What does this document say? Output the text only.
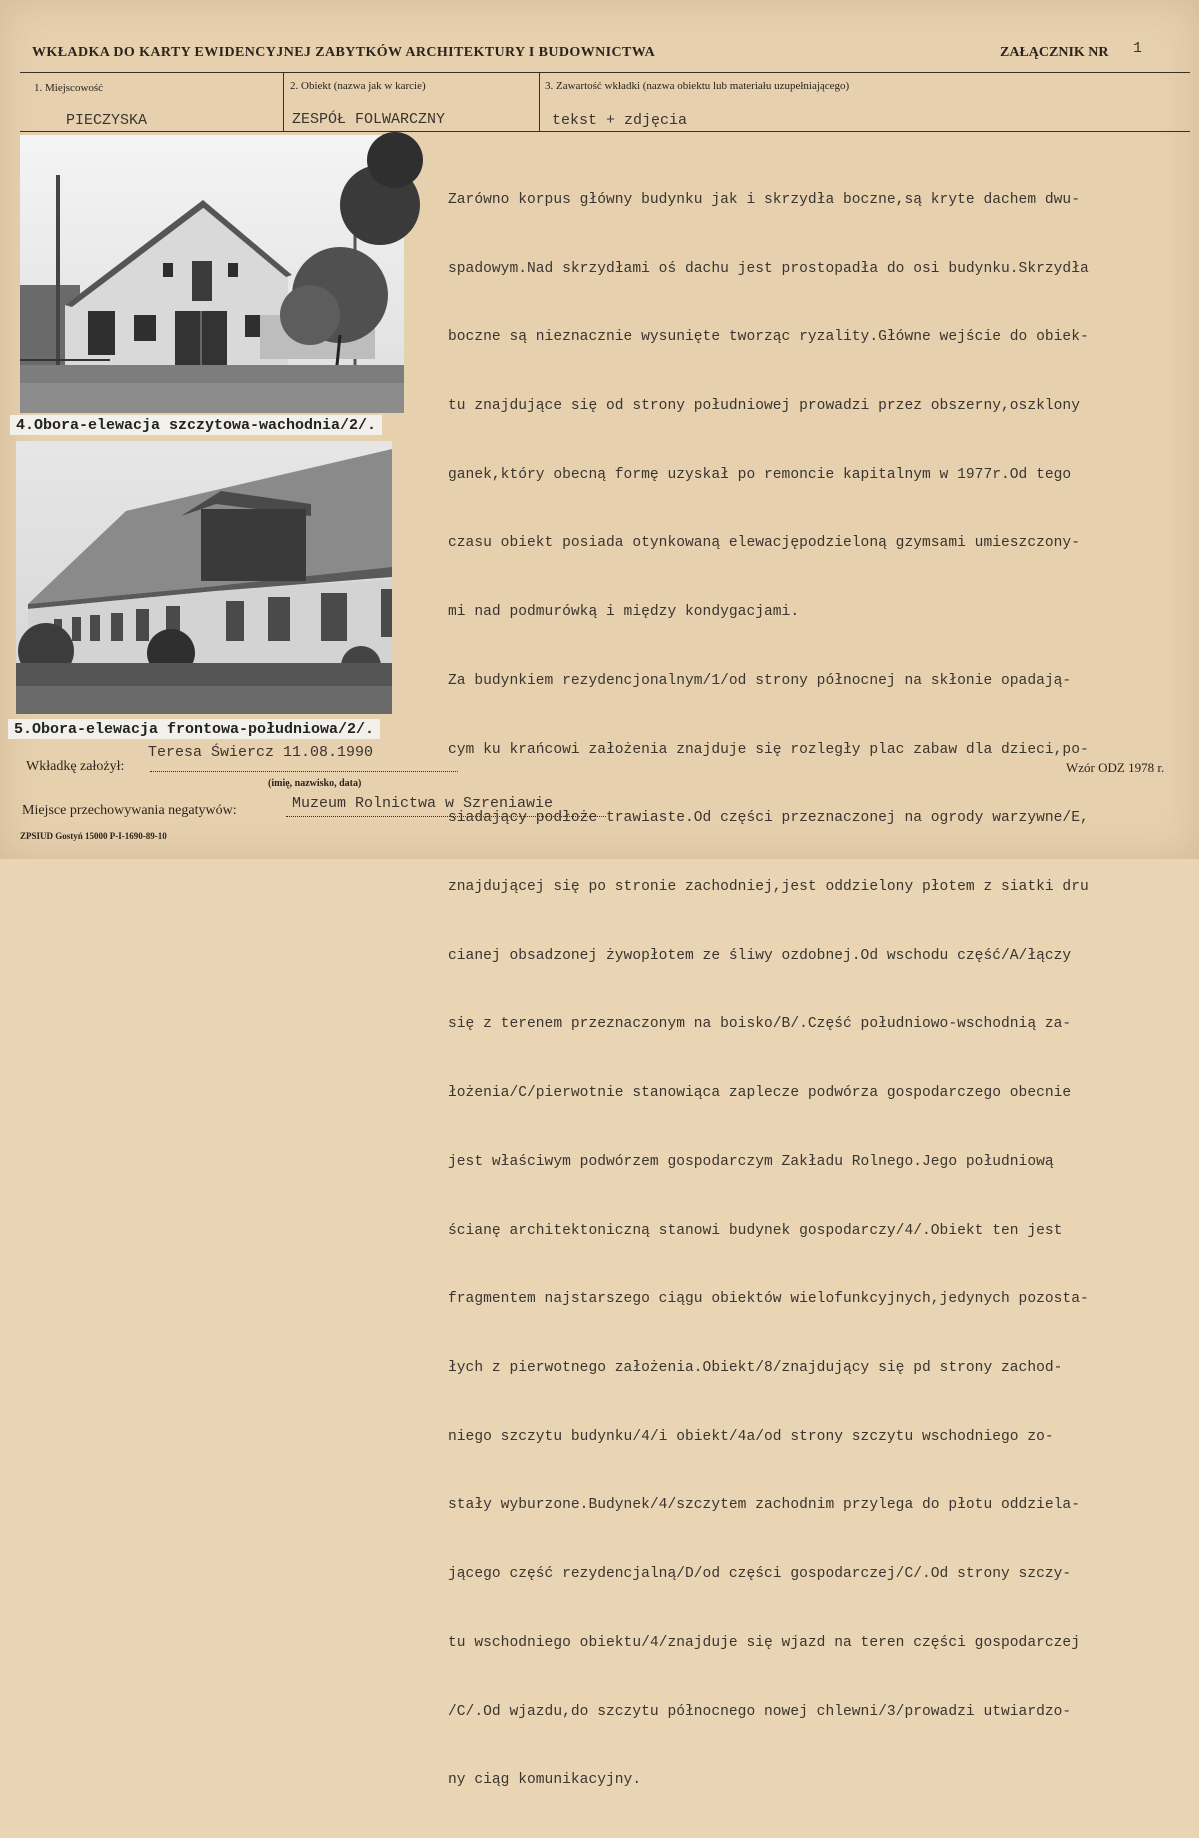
WKŁADKA DO KARTY EWIDENCYJNEJ ZABYTKÓW ARCHITEKTURY I BUDOWNICTWA	ZAŁĄCZNIK NR 1
1. Miejscowość
PIECZYSKA
2. Obiekt (nazwa jak w karcie)
ZESPÓŁ FOLWARCZNY
3. Zawartość wkładki (nazwa obiektu lub materiału uzupełniającego)
tekst + zdjęcia
4.Obora-elewacja szczytowa-wachodnia/2/.
5.Obora-elewacja frontowa-południowa/2/.

Zarówno korpus główny budynku jak i skrzydła boczne,są kryte dachem dwu-

spadowym.Nad skrzydłami oś dachu jest prostopadła do osi budynku.Skrzydła

boczne są nieznacznie wysunięte tworząc ryzality.Główne wejście do obiek-

tu znajdujące się od strony południowej prowadzi przez obszerny,oszklony

ganek,który obecną formę uzyskał po remoncie kapitalnym w 1977r.Od tego

czasu obiekt posiada otynkowaną elewacjępodzieloną gzymsami umieszczony-

mi nad podmurówką i między kondygacjami.

Za budynkiem rezydencjonalnym/1/od strony północnej na skłonie opadają-

cym ku krańcowi założenia znajduje się rozległy plac zabaw dla dzieci,po-

siadający podłoże trawiaste.Od części przeznaczonej na ogrody warzywne/E,

znajdującej się po stronie zachodniej,jest oddzielony płotem z siatki dru

cianej obsadzonej żywopłotem ze śliwy ozdobnej.Od wschodu część/A/łączy

się z terenem przeznaczonym na boisko/B/.Część południowo-wschodnią za-

łożenia/C/pierwotnie stanowiąca zaplecze podwórza gospodarczego obecnie

jest właściwym podwórzem gospodarczym Zakładu Rolnego.Jego południową

ścianę architektoniczną stanowi budynek gospodarczy/4/.Obiekt ten jest

fragmentem najstarszego ciągu obiektów wielofunkcyjnych,jedynych pozosta-

łych z pierwotnego założenia.Obiekt/8/znajdujący się pd strony zachod-

niego szczytu budynku/4/i obiekt/4a/od strony szczytu wschodniego zo-

stały wyburzone.Budynek/4/szczytem zachodnim przylega do płotu oddziela-

jącego część rezydencjalną/D/od części gospodarczej/C/.Od strony szczy-

tu wschodniego obiektu/4/znajduje się wjazd na teren części gospodarczej

/C/.Od wjazdu,do szczytu północnego nowej chlewni/3/prowadzi utwiardzo-

ny ciąg komunikacyjny.

Wkładkę założył:
Teresa Świercz 11.08.1990
(imię, nazwisko, data)
Wzór ODZ 1978 r.
Miejsce przechowywania negatywów:	Muzeum Rolnictwa w Szreniawie
ZPSIUD Gostyń 15000 P-I-1690-89-10
